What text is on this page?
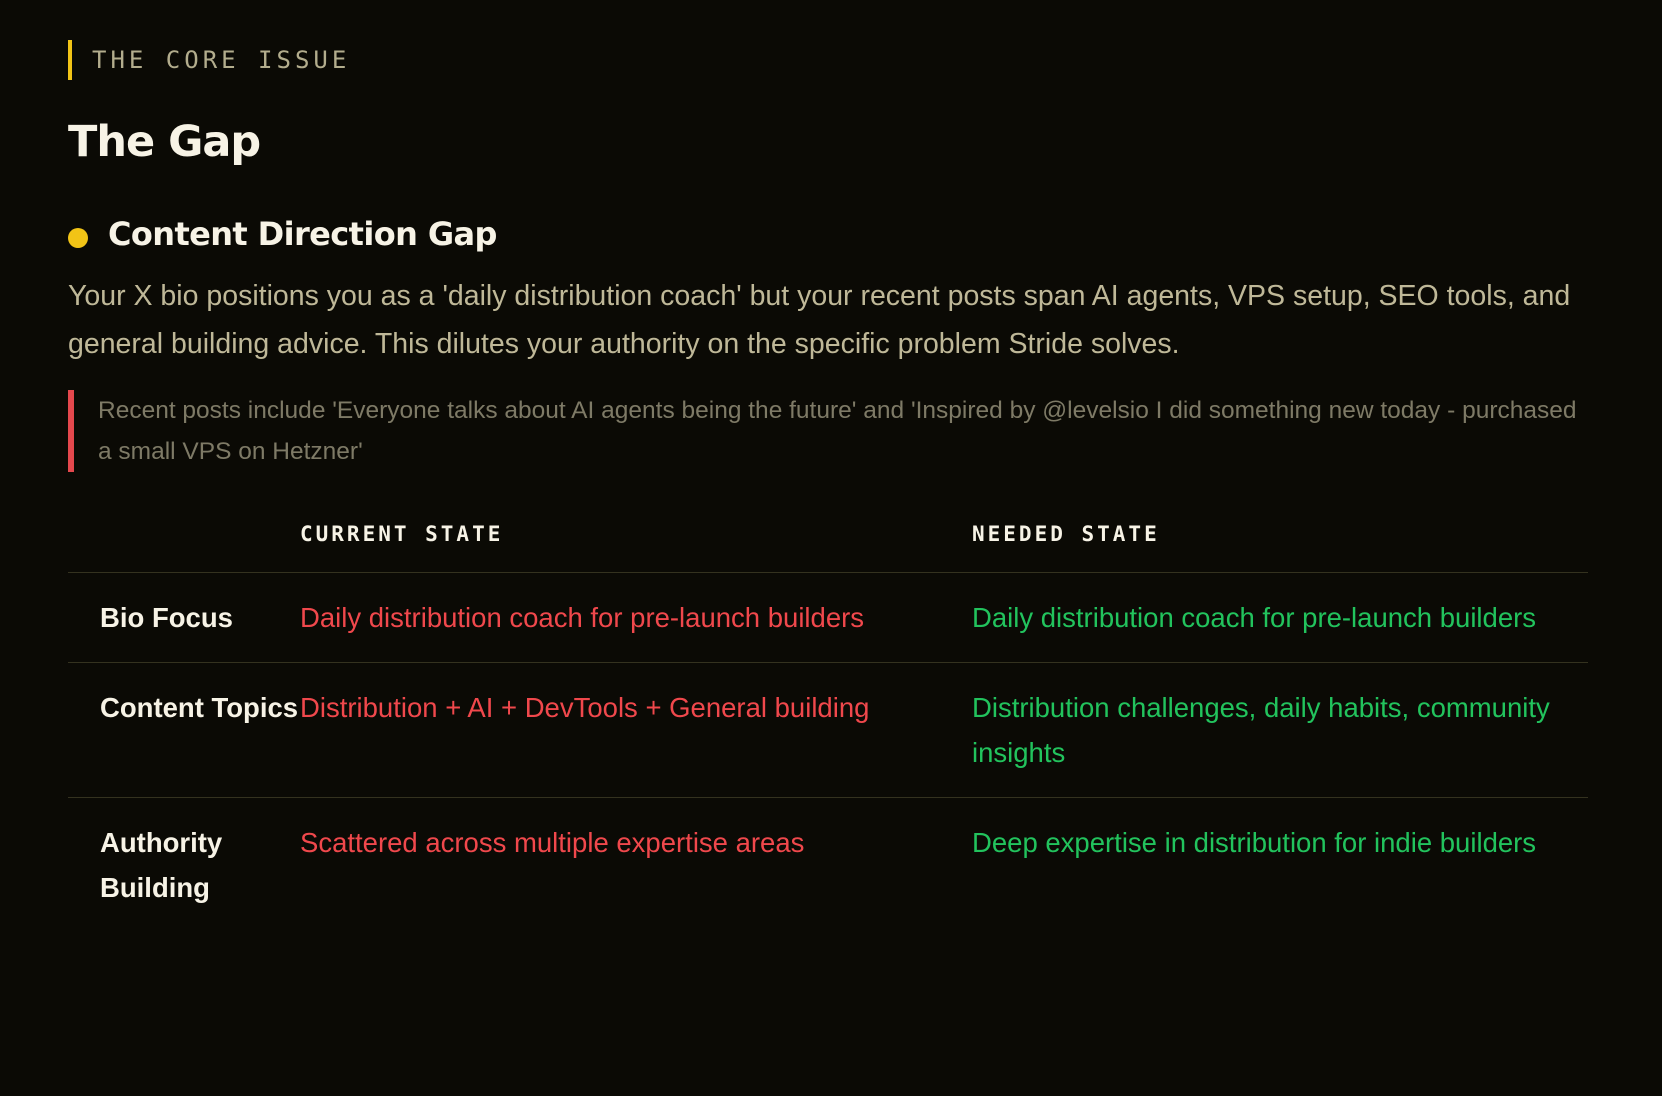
THE CORE ISSUE
The Gap
Content Direction Gap
Your X bio positions you as a 'daily distribution coach' but your recent posts span AI agents, VPS setup, SEO tools, and general building advice. This dilutes your authority on the specific problem Stride solves.
Recent posts include 'Everyone talks about AI agents being the future' and 'Inspired by @levelsio I did something new today - purchased a small VPS on Hetzner'
	CURRENT STATE	NEEDED STATE
Bio Focus	Daily distribution coach for pre-launch builders	Daily distribution coach for pre-launch builders
Content Topics	Distribution + AI + DevTools + General building	Distribution challenges, daily habits, community insights
Authority Building	Scattered across multiple expertise areas	Deep expertise in distribution for indie builders
